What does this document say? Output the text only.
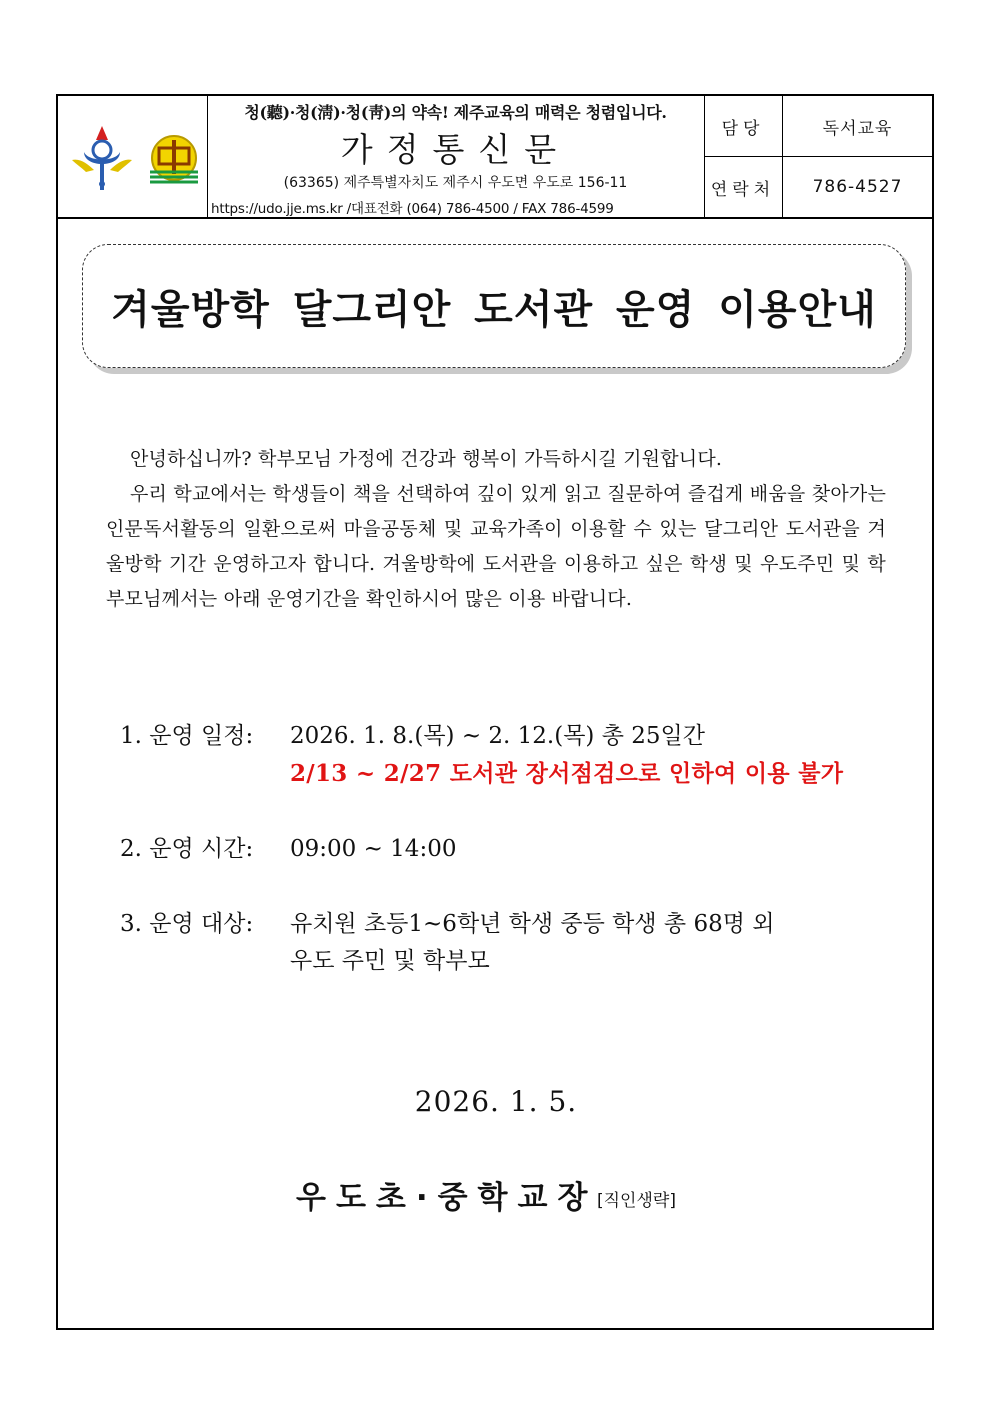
청(聽)·청(淸)·청(靑)의 약속! 제주교육의 매력은 청렴입니다.
가정통신문
(63365) 제주특별자치도 제주시 우도면 우도로 156-11
https://udo.jje.ms.kr /대표전화 (064) 786-4500 / FAX 786-4599
담당	독서교육
연락처	786-4527
겨울방학 달그리안 도서관 운영 이용안내

안녕하십니까? 학부모님 가정에 건강과 행복이 가득하시길 기원합니다.

우리 학교에서는 학생들이 책을 선택하여 깊이 있게 읽고 질문하여 즐겁게 배움을 찾아가는 인문독서활동의 일환으로써 마을공동체 및 교육가족이 이용할 수 있는 달그리안 도서관을 겨울방학 기간 운영하고자 합니다. 겨울방학에 도서관을 이용하고 싶은 학생 및 우도주민 및 학부모님께서는 아래 운영기간을 확인하시어 많은 이용 바랍니다.

1. 운영 일정: 2026. 1. 8.(목) ~ 2. 12.(목) 총 25일간
2/13 ~ 2/27 도서관 장서점검으로 인하여 이용 불가
2. 운영 시간: 09:00 ~ 14:00
3. 운영 대상: 유치원 초등1~6학년 학생 중등 학생 총 68명 외
우도 주민 및 학부모
2026. 1. 5.
우도초·중학교장 [직인생략]
